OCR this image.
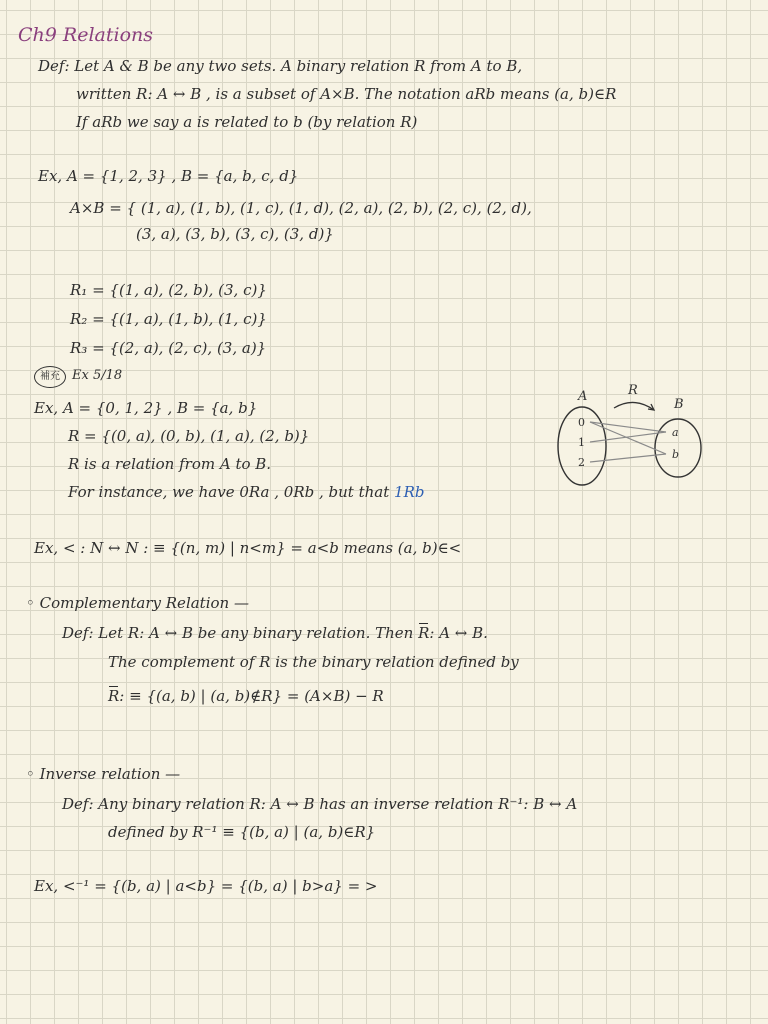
Ch9 Relations

Def: Let A & B be any two sets. A binary relation R from A to B,

written R: A ↔ B , is a subset of A×B. The notation aRb means (a, b)∈R

If aRb we say a is related to b (by relation R)

Ex, A = {1, 2, 3} , B = {a, b, c, d}

A×B = { (1, a), (1, b), (1, c), (1, d), (2, a), (2, b), (2, c), (2, d),

(3, a), (3, b), (3, c), (3, d)}

R₁ = {(1, a), (2, b), (3, c)}

R₂ = {(1, a), (1, b), (1, c)}

R₃ = {(2, a), (2, c), (3, a)}

補充 Ex 5/18

Ex, A = {0, 1, 2} , B = {a, b}

R = {(0, a), (0, b), (1, a), (2, b)}

R is a relation from A to B.

For instance, we have 0Ra , 0Rb , but that 1Rb

A
B
R
0
1
2
a
b

Ex, < : N ↔ N : ≡ {(n, m) | n<m} = a<b means (a, b)∈<

◦ Complementary Relation —

Def: Let R: A ↔ B be any binary relation. Then R: A ↔ B.

The complement of R is the binary relation defined by

R: ≡ {(a, b) | (a, b)∉R} = (A×B) − R

◦ Inverse relation —

Def: Any binary relation R: A ↔ B has an inverse relation R⁻¹: B ↔ A

defined by R⁻¹ ≡ {(b, a) | (a, b)∈R}

Ex, <⁻¹ = {(b, a) | a<b} = {(b, a) | b>a} = >
